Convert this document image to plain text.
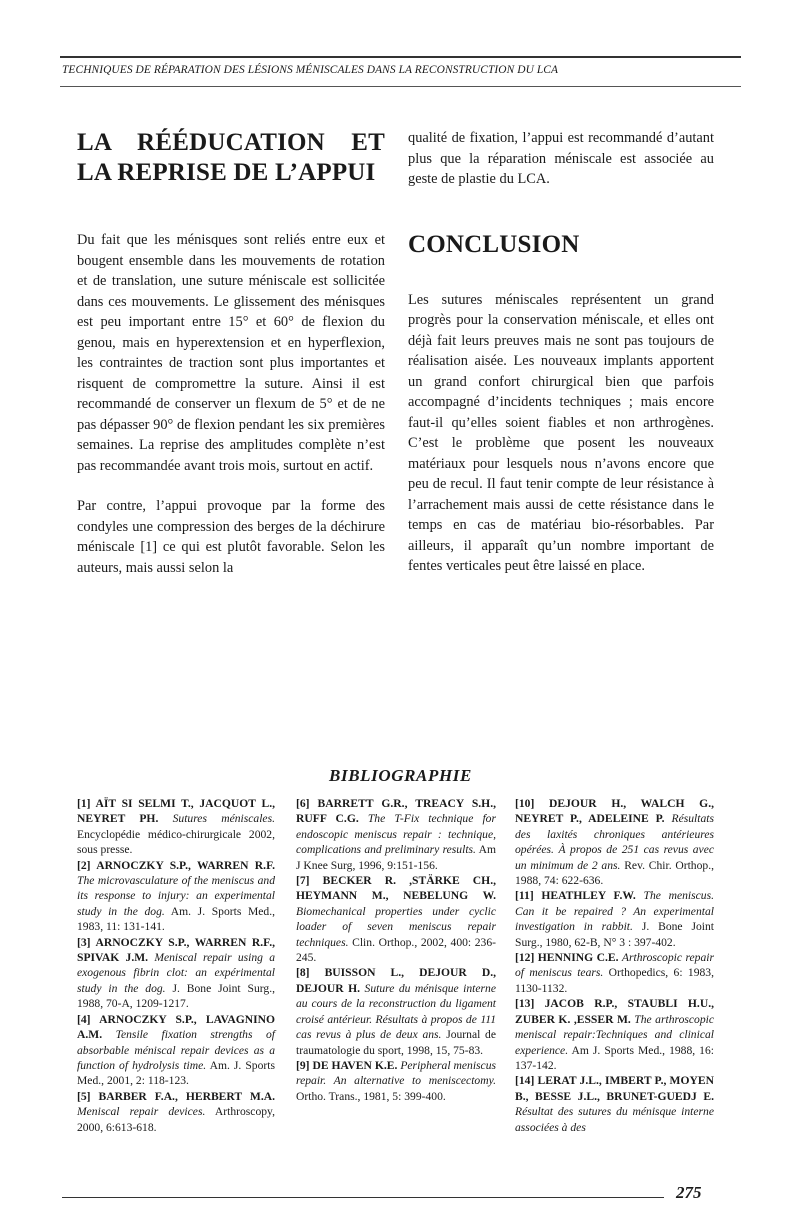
TECHNIQUES DE RÉPARATION DES LÉSIONS MÉNISCALES DANS LA RECONSTRUCTION DU LCA
LA RÉÉDUCATION ET LA REPRISE DE L’APPUI

Du fait que les ménisques sont reliés entre eux et bougent ensemble dans les mouvements de rotation et de translation, une suture méniscale est sollicitée dans ces mouvements. Le glissement des ménisques est peu important entre 15° et 60° de flexion du genou, mais en hyperextension et en hyperflexion, les contraintes de traction sont plus importantes et risquent de compromettre la suture. Ainsi il est recommandé de conserver un flexum de 5° et de ne pas dépasser 90° de flexion pendant les six premières semaines. La reprise des amplitudes complète n’est pas recommandée avant trois mois, surtout en actif.

Par contre, l’appui provoque par la forme des condyles une compression des berges de la déchirure méniscale [1] ce qui est plutôt favorable. Selon les auteurs, mais aussi selon la

qualité de fixation, l’appui est recommandé d’autant plus que la réparation méniscale est associée au geste de plastie du LCA.

CONCLUSION

Les sutures méniscales représentent un grand progrès pour la conservation méniscale, et elles ont déjà fait leurs preuves mais ne sont pas toujours de réalisation aisée. Les nouveaux implants apportent un grand confort chirurgical bien que parfois accompagné d’incidents techniques ; mais encore faut-il qu’elles soient fiables et non arthrogènes. C’est le problème que posent les nouveaux matériaux pour lesquels nous n’avons encore que peu de recul. Il faut tenir compte de leur résistance à l’arrachement mais aussi de cette résistance dans le temps en cas de matériau bio-résorbables. Par ailleurs, il apparaît qu’un nombre important de fentes verticales peut être laissé en place.

BIBLIOGRAPHIE

[1] AÏT SI SELMI T., JACQUOT L., NEYRET PH. Sutures méniscales. Encyclopédie médico-chirurgicale 2002, sous presse.

[2] ARNOCZKY S.P., WARREN R.F. The microvasculature of the meniscus and its response to injury: an experimental study in the dog. Am. J. Sports Med., 1983, 11: 131-141.

[3] ARNOCZKY S.P., WARREN R.F., SPIVAK J.M. Meniscal repair using a exogenous fibrin clot: an expérimental study in the dog. J. Bone Joint Surg., 1988, 70-A, 1209-1217.

[4] ARNOCZKY S.P., LAVAGNINO A.M. Tensile fixation strengths of absorbable méniscal repair devices as a function of hydrolysis time. Am. J. Sports Med., 2001, 2: 118-123.

[5] BARBER F.A., HERBERT M.A. Meniscal repair devices. Arthroscopy, 2000, 6:613-618.

[6] BARRETT G.R., TREACY S.H., RUFF C.G. The T-Fix technique for endoscopic meniscus repair : technique, complications and preliminary results. Am J Knee Surg, 1996, 9:151-156.

[7] BECKER R. ,STÄRKE CH., HEYMANN M., NEBELUNG W. Biomechanical properties under cyclic loader of seven meniscus repair techniques. Clin. Orthop., 2002, 400: 236-245.

[8] BUISSON L., DEJOUR D., DEJOUR H. Suture du ménisque interne au cours de la reconstruction du ligament croisé antérieur. Résultats à propos de 111 cas revus à plus de deux ans. Journal de traumatologie du sport, 1998, 15, 75-83.

[9] DE HAVEN K.E. Peripheral meniscus repair. An alternative to meniscectomy. Ortho. Trans., 1981, 5: 399-400.

[10] DEJOUR H., WALCH G., NEYRET P., ADELEINE P. Résultats des laxités chroniques antérieures opérées. À propos de 251 cas revus avec un minimum de 2 ans. Rev. Chir. Orthop., 1988, 74: 622-636.

[11] HEATHLEY F.W. The meniscus. Can it be repaired ? An experimental investigation in rabbit. J. Bone Joint Surg., 1980, 62-B, N° 3 : 397-402.

[12] HENNING C.E. Arthroscopic repair of meniscus tears. Orthopedics, 6: 1983, 1130-1132.

[13] JACOB R.P., STAUBLI H.U., ZUBER K. ,ESSER M. The arthroscopic meniscal repair:Techniques and clinical experience. Am J. Sports Med., 1988, 16: 137-142.

[14] LERAT J.L., IMBERT P., MOYEN B., BESSE J.L., BRUNET-GUEDJ E. Résultat des sutures du ménisque interne associées à des

275
